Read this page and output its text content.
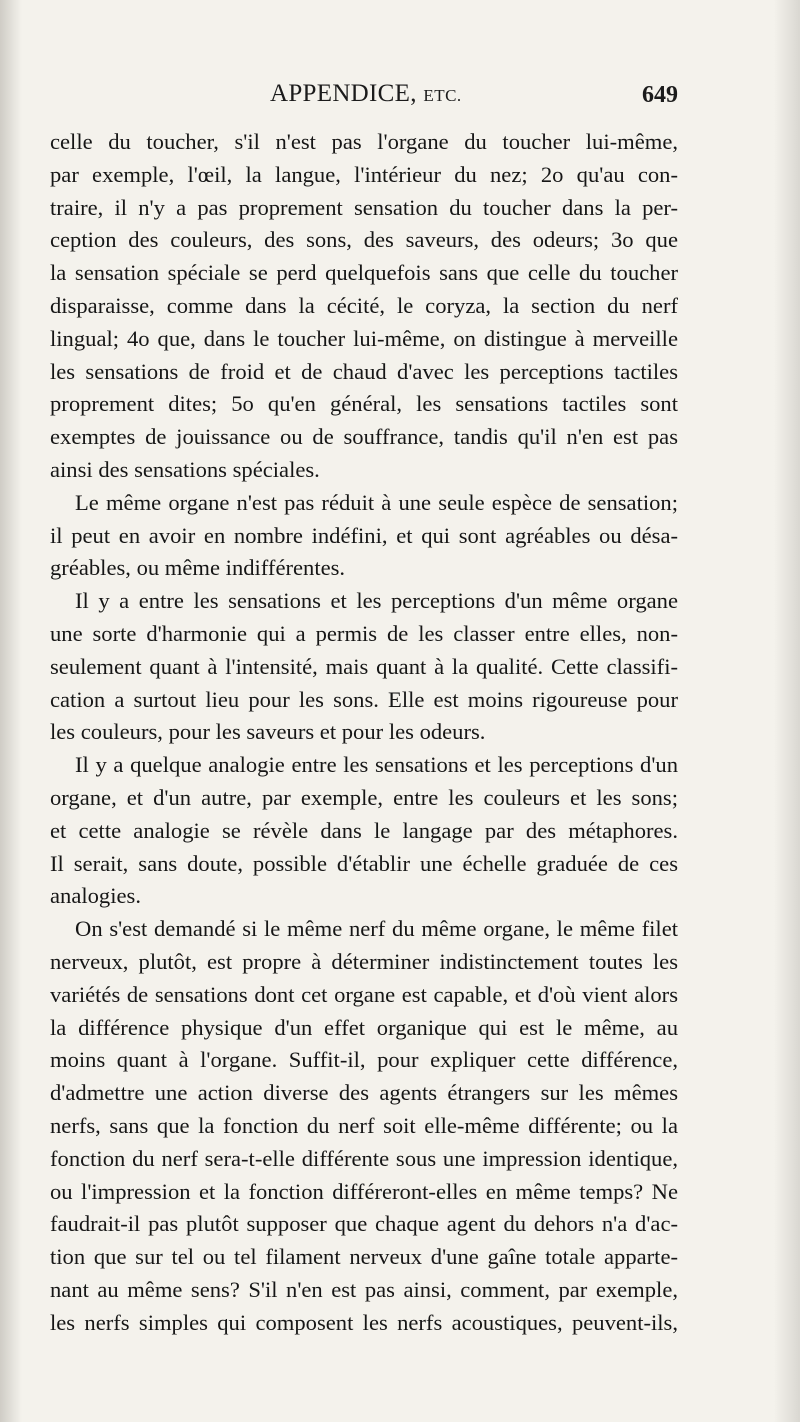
APPENDICE, ETC.	649
celle du toucher, s'il n'est pas l'organe du toucher lui-même,
par exemple, l'œil, la langue, l'intérieur du nez; 2o qu'au con-
traire, il n'y a pas proprement sensation du toucher dans la per-
ception des couleurs, des sons, des saveurs, des odeurs; 3o que
la sensation spéciale se perd quelquefois sans que celle du toucher
disparaisse, comme dans la cécité, le coryza, la section du nerf
lingual; 4o que, dans le toucher lui-même, on distingue à merveille
les sensations de froid et de chaud d'avec les perceptions tactiles
proprement dites; 5o qu'en général, les sensations tactiles sont
exemptes de jouissance ou de souffrance, tandis qu'il n'en est pas
ainsi des sensations spéciales.
Le même organe n'est pas réduit à une seule espèce de sensation;
il peut en avoir en nombre indéfini, et qui sont agréables ou désa-
gréables, ou même indifférentes.
Il y a entre les sensations et les perceptions d'un même organe
une sorte d'harmonie qui a permis de les classer entre elles, non-
seulement quant à l'intensité, mais quant à la qualité. Cette classifi-
cation a surtout lieu pour les sons. Elle est moins rigoureuse pour
les couleurs, pour les saveurs et pour les odeurs.
Il y a quelque analogie entre les sensations et les perceptions d'un
organe, et d'un autre, par exemple, entre les couleurs et les sons;
et cette analogie se révèle dans le langage par des métaphores.
Il serait, sans doute, possible d'établir une échelle graduée de ces
analogies.
On s'est demandé si le même nerf du même organe, le même filet
nerveux, plutôt, est propre à déterminer indistinctement toutes les
variétés de sensations dont cet organe est capable, et d'où vient alors
la différence physique d'un effet organique qui est le même, au
moins quant à l'organe. Suffit-il, pour expliquer cette différence,
d'admettre une action diverse des agents étrangers sur les mêmes
nerfs, sans que la fonction du nerf soit elle-même différente; ou la
fonction du nerf sera-t-elle différente sous une impression identique,
ou l'impression et la fonction différeront-elles en même temps? Ne
faudrait-il pas plutôt supposer que chaque agent du dehors n'a d'ac-
tion que sur tel ou tel filament nerveux d'une gaîne totale apparte-
nant au même sens? S'il n'en est pas ainsi, comment, par exemple,
les nerfs simples qui composent les nerfs acoustiques, peuvent-ils,
